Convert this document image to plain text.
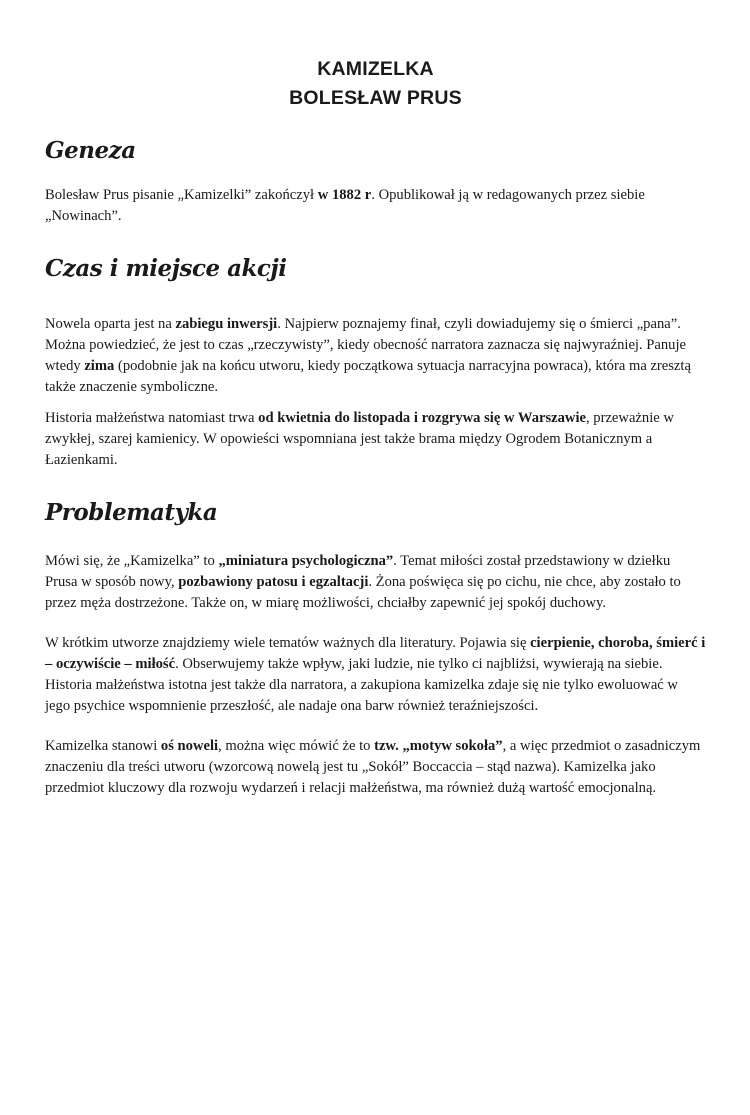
KAMIZELKA
BOLESŁAW PRUS
Geneza

Bolesław Prus pisanie „Kamizelki” zakończył w 1882 r. Opublikował ją w redagowanych przez siebie „Nowinach”.

Czas i miejsce akcji

Nowela oparta jest na zabiegu inwersji. Najpierw poznajemy finał, czyli dowiadujemy się o śmierci „pana”. Można powiedzieć, że jest to czas „rzeczywisty”, kiedy obecność narratora zaznacza się najwyraźniej. Panuje wtedy zima (podobnie jak na końcu utworu, kiedy początkowa sytuacja narracyjna powraca), która ma zresztą także znaczenie symboliczne.

Historia małżeństwa natomiast trwa od kwietnia do listopada i rozgrywa się w Warszawie, przeważnie w zwykłej, szarej kamienicy. W opowieści wspomniana jest także brama między Ogrodem Botanicznym a Łazienkami.

Problematyka

Mówi się, że „Kamizelka” to „miniatura psychologiczna”. Temat miłości został przedstawiony w dziełku Prusa w sposób nowy, pozbawiony patosu i egzaltacji. Żona poświęca się po cichu, nie chce, aby zostało to przez męża dostrzeżone. Także on, w miarę możliwości, chciałby zapewnić jej spokój duchowy.

W krótkim utworze znajdziemy wiele tematów ważnych dla literatury. Pojawia się cierpienie, choroba, śmierć i – oczywiście – miłość. Obserwujemy także wpływ, jaki ludzie, nie tylko ci najbliżsi, wywierają na siebie. Historia małżeństwa istotna jest także dla narratora, a zakupiona kamizelka zdaje się nie tylko ewoluować w jego psychice wspomnienie przeszłość, ale nadaje ona barw również teraźniejszości.

Kamizelka stanowi oś noweli, można więc mówić że to tzw. „motyw sokoła”, a więc przedmiot o zasadniczym znaczeniu dla treści utworu (wzorcową nowelą jest tu „Sokół” Boccaccia – stąd nazwa). Kamizelka jako przedmiot kluczowy dla rozwoju wydarzeń i relacji małżeństwa, ma również dużą wartość emocjonalną.
